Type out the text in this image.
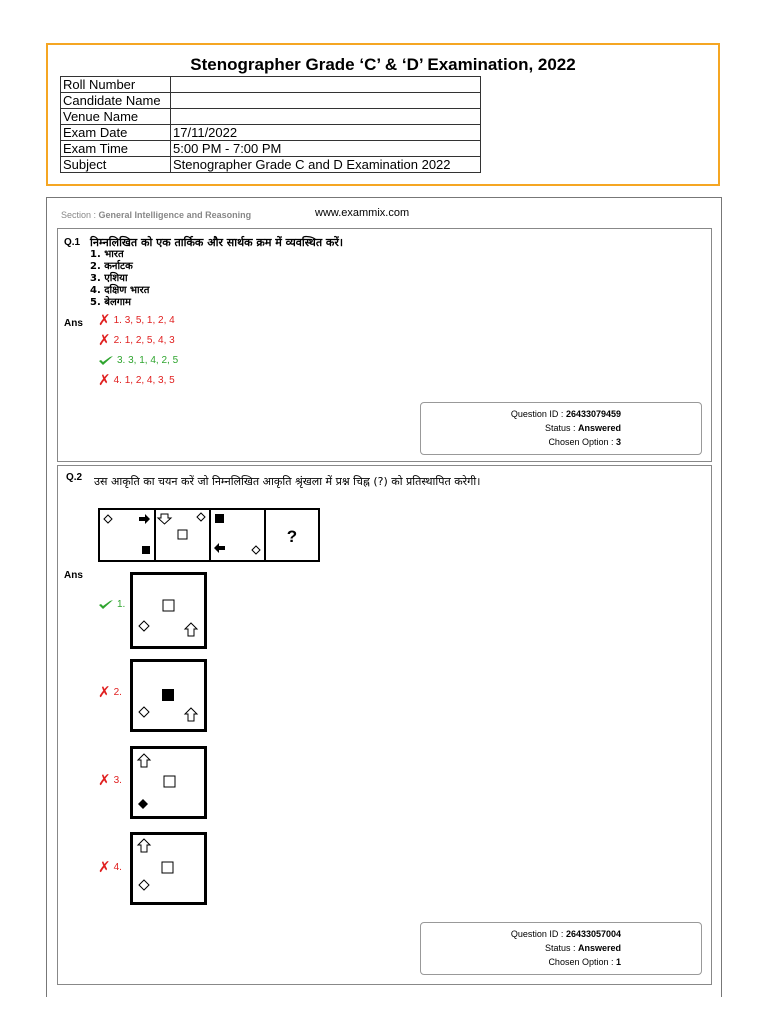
Stenographer Grade ‘C’ & ‘D’ Examination, 2022
Roll Number	
Candidate Name	
Venue Name	
Exam Date	17/11/2022
Exam Time	5:00 PM - 7:00 PM
Subject	Stenographer Grade C and D Examination 2022
Section : General Intelligence and Reasoning	www.exammix.com
Q.1 निम्नलिखित को एक तार्किक और सार्थक क्रम में व्यवस्थित करें।
1. भारत
2. कर्नाटक
3. एशिया
4. दक्षिण भारत
5. बेलगाम
Ans ✗ 1. 3, 5, 1, 2, 4
✗ 2. 1, 2, 5, 4, 3
3. 3, 1, 4, 2, 5
✗ 4. 1, 2, 4, 3, 5
Question ID : 26433079459
Status : Answered
Chosen Option : 3
Q.2 उस आकृति का चयन करें जो निम्नलिखित आकृति श्रृंखला में प्रश्न चिह्न (?) को प्रतिस्थापित करेगी।
?
Ans
1.
✗ 2.
✗ 3.
✗ 4.
Question ID : 26433057004
Status : Answered
Chosen Option : 1
